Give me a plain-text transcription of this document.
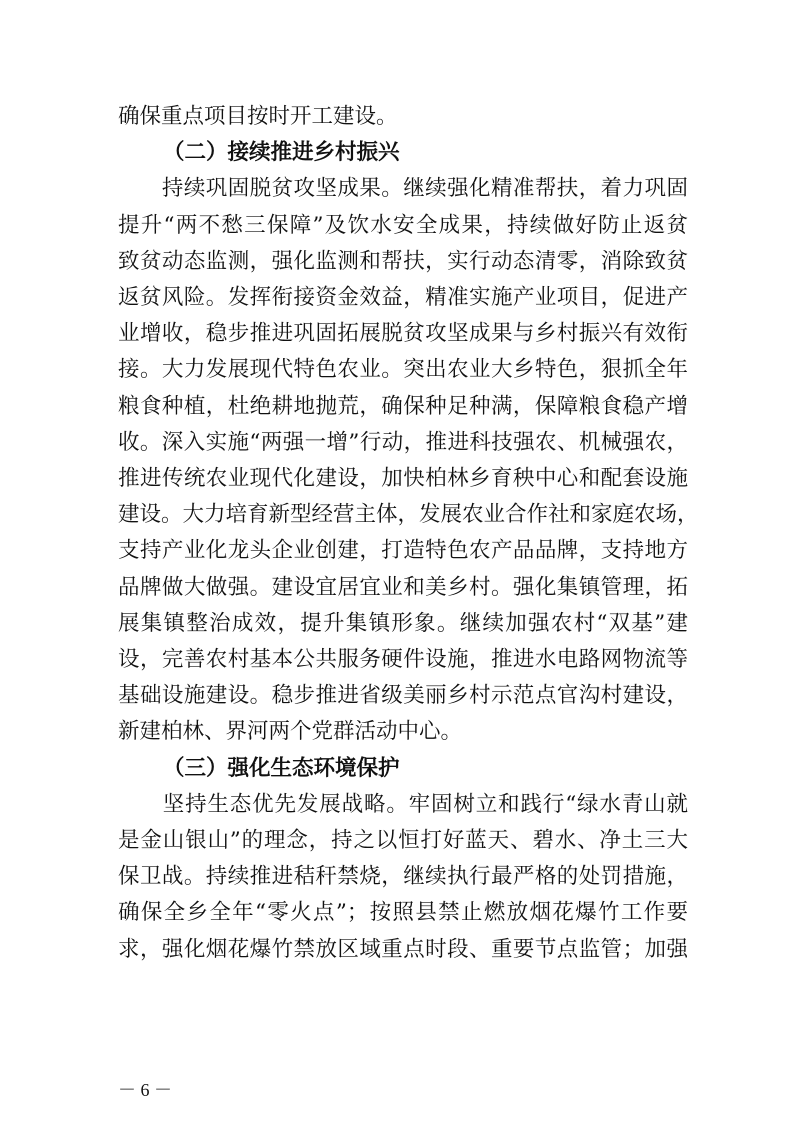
确保重点项目按时开工建设。
（二）接续推进乡村振兴
　　持续巩固脱贫攻坚成果。继续强化精准帮扶，着力巩固
提升“两不愁三保障”及饮水安全成果，持续做好防止返贫
致贫动态监测，强化监测和帮扶，实行动态清零，消除致贫
返贫风险。发挥衔接资金效益，精准实施产业项目，促进产
业增收，稳步推进巩固拓展脱贫攻坚成果与乡村振兴有效衔
接。大力发展现代特色农业。突出农业大乡特色，狠抓全年
粮食种植，杜绝耕地抛荒，确保种足种满，保障粮食稳产增
收。深入实施“两强一增”行动，推进科技强农、机械强农，
推进传统农业现代化建设，加快柏林乡育秧中心和配套设施
建设。大力培育新型经营主体，发展农业合作社和家庭农场，
支持产业化龙头企业创建，打造特色农产品品牌，支持地方
品牌做大做强。建设宜居宜业和美乡村。强化集镇管理，拓
展集镇整治成效，提升集镇形象。继续加强农村“双基”建
设，完善农村基本公共服务硬件设施，推进水电路网物流等
基础设施建设。稳步推进省级美丽乡村示范点官沟村建设，
新建柏林、界河两个党群活动中心。
（三）强化生态环境保护
　　坚持生态优先发展战略。牢固树立和践行“绿水青山就
是金山银山”的理念，持之以恒打好蓝天、碧水、净土三大
保卫战。持续推进秸秆禁烧，继续执行最严格的处罚措施，
确保全乡全年“零火点”；按照县禁止燃放烟花爆竹工作要
求，强化烟花爆竹禁放区域重点时段、重要节点监管；加强
－ 6 －
